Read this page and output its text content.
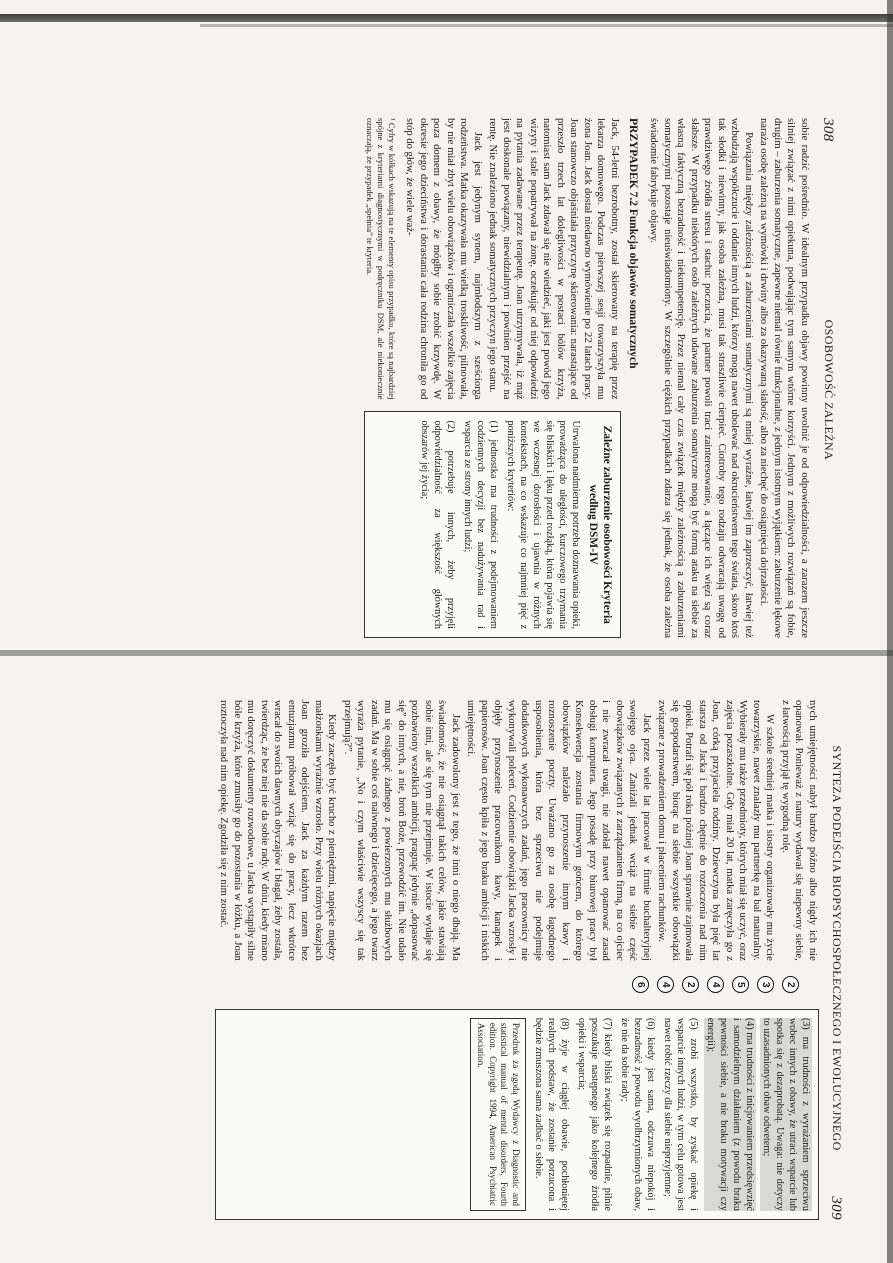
308
OSOBOWOŚĆ ZALEŻNA

sobie radzić pośrednio. W idealnym przypadku objawy powinny uwolnić je od odpowiedzialności, a zarazem jeszcze silniej związać z nimi opiekuna, podwajając tym samym wtórne korzyści. Jednym z możliwych rozwiązań są fobie, drugim – zaburzenia somatyczne, zapewne niemal równie funkcjonalne, z jednym istotnym wyjątkiem: zaburzenie lękowe naraża osobę zależną na wymówki i drwiny albo za okazywaną słabość, albo za niechęć do osiągnięcia dojrzałości.

Powiązania między zależnością a zaburzeniami somatycznymi są mniej wyraźne, łatwiej im zaprzeczyć, łatwiej też wzbudzają współczucie i oddanie innych ludzi, którzy mogą nawet ubolewać nad okrucieństwem tego świata, skoro ktoś tak słodki i niewinny, jak osoba zależna, musi tak straszliwie cierpieć. Ciotroby tego rodzaju odwracają uwagę od prawdziwego źródła stresu i stachu: poczucia, że partner powoli traci zainteresowanie, a łączące ich więzi są coraz słabsze. W przypadku niektórych osób zależnych udawane zaburzenia somatyczne mogą być formą ataku na siebie za własną faktyczną bezradność i niekompetencję. Przez niemal cały czas związek między zależnością a zaburzeniami somatycznymi pozostaje nieuświadomiony. W szczególnie ciężkich przypadkach zdarza się jednak, że osoba zależna świadomie fabrykuje objawy.

PRZYPADEK 7.2 Funkcja objawów somatycznych

Jack, 54-letni bezrobotny, został skierowany na terapię przez lekarza domowego. Podczas pierwszej sesji towarzyszyła mu żona Joan. Jack dostał niedawno wymówienie po 22 latach pracy. Joan stanowczo objaśniała przyczynę skierowania: narastające od przeszło trzech lat dolegliwości w postaci bólów krzyża, natomiast sam Jack zdawał się nie wiedzieć, jaki jest powód jego wizyty i stale popatrywał na żonę, oczekując od niej odpowiedzi na pytania zadawane przez terapeutę. Joan utrzymywała, iż mąż jest doskonale powiązany, niewidzialnym i powinien przejść na rentę. Nie znaleziono jednak somatycznych przyczyn jego stanu.

Jack jest jedynym synem, najmłodszym z sześciorga rodzeństwa. Matka okazywała mu wielką troskliwość, pilnowała, by nie miał zbyt wielu obowiązków i ograniczała wszelkie zajęcia poza domem z obawy, że mógłby sobie zrobić krzywdę. W okresie jego dzieciństwa i dorastania cała rodzina chroniła go od stóp do głów, że wiele waż-

¹ Cyfry w kółkach wskazują na te elementy opisu przypadku, które są najbardziej spójne z kryteriami diagnostycznymi w podręczniku DSM, ale niekoniecznie oznaczają, że przypadek „spełnia” te kryteria.
Zależne zaburzenie osobowości Kryteria według DSM-IV
Utrwalona nadmierna potrzeba doznawania opieki, prowadząca do uległości, kurczowego trzymania się bliskich i lęku przed rozłąką, która pojawia się we wczesnej dorosłości i ujawnia w różnych kontekstach, na co wskazuje co najmniej pięć z poniższych kryteriów:
(1) jednostka ma trudności z podejmowaniem codziennych decyzji bez nadużywania rad i wsparcia ze strony innych ludzi;
(2) potrzebuje innych, żeby przyjęli odpowiedzialność za większość głównych obszarów jej życia;
SYNTEZA PODEJŚCIA BIOPSYCHOSPOŁECZNEGO I EWOLUCYJNEGO
309

nych umiejętności nabył bardzo późno albo nigdy ich nie opanował. Ponieważ z natury wydawał się niepewny siebie, z łatwością przyjął tę wygodną rolę.

W szkole średniej matka i siostry organizowały mu życie towarzyskie, nawet znalazły mu partnerkę na bal maturalny. Wybierały mu także przedmioty, których miał się uczyć, oraz zajęcia pozaszkolne. Gdy miał 20 lat, matka zaręczyła go z Joan, córką przyjaciela rodziny. Dziewczyna była pięć lat starsza od Jacka i bardzo chętnie do roztoczenia nad nim opieki. Potrafi się pół roku później Joan sprawnie zajmowała się gospodarstwem, biorąc na siebie wszystkie obowiązki związane z prowadzeniem domu i płaceniem rachunków.

Jack przez wiele lat pracował w firmie buchalteryjnej swojego ojca. Zaniżali jednak wciąż na siebie część obowiązków związanych z zarządzaniem firmą, na co ojciec i nie zwracał uwagi, nie zdołał nawet opanować zasad obsługi komputera. Jego posadę przy biurowej pracy był Konsekwencja zostania firmowym gońcem, do którego obowiązków należało przynoszenie innym kawy i roznoszenie poczty. Uważano go za osobę łagodnego usposobienia, która bez sprzeciwu nie podejmuje dodatkowych wykonawczych zadań, jego pracownicy nie wykonywali poleceń. Codziennie obowiązki Jacka wzrosły i objęły przynoszenie pracownikom kawy, kanapek i papierosów. Joan często kpiła z jego braku ambicji i niskich umiejętności.

Jack zadowolony jest z tego, że inni o niego dbają. Ma świadomość, że nie osiągnął takich celów, jakie stawiają sobie inni, ale się tym nie przejmuje. W istocie wydaje się pozbawiony wszelkich ambicji, pragnąc jedynie „dopasować się” do innych, a nie, broń Boże, przewodzić im. Nie udało mu się osiągnąć żadnego z powierzonych mu służbowych zadań. Ma w sobie coś naiwnego i dziecięcego, a jego twarz wyraża pytanie, „No i czym właściwie wszyscy się tak przejmują?”.

Kiedy zaczęło być krucho z pieniędzmi, napięcie między małżonkami wyraźnie wzrosło. Przy wielu różnych okazjach Joan groziła odejściem. Jack za każdym razem bez entuzjazmu próbował wziąć się do pracy, lecz wkrótce wracał do swoich dawnych obyczajów i błagał, żeby została, twierdząc, że bez niej nie da sobie rady. W dniu, kiedy miano mu doręczyć dokumenty rozwodowe, u Jacka wystąpiły silne bóle krzyża, które zmusiły go do pozostania w łóżku, a Joan roztoczyła nad nim opiekę. Zgodziła się z nim zostać.

2
3
5
4
2
4
6
(3) ma trudności z wyrażaniem sprzeciwu wobec innych z obawy, że utraci wsparcie lub spotka się z dezaprobatą. Uwaga: nie dotyczy to uzasadnionych obaw odwetem;
(4) ma trudności z inicjowaniem przedsięwzięć i samodzielnym działaniem (z powodu braku pewności siebie, a nie braku motywacji czy energii);
(5) zrobi wszystko, by zyskać opiekę i wsparcie innych ludzi, w tym celu gotowa jest nawet robić rzeczy dla siebie nieprzyjemne;
(6) kiedy jest sama, odczuwa niepokój i bezradność z powodu wyolbrzymionych obaw, że nie da sobie rady;
(7) kiedy bliski związek się rozpadnie, pilnie poszukuje następnego jako kolejnego źródła opieki i wsparcia;
(8) żyje w ciągłej obawie, pochłoniętej realnych podstaw, że zostanie porzucona i będzie zmuszona sama zadbać o siebie.
Przedruk za zgodą Wydawcy z Diagnostic and statistical manual of mental disorders, Fourth edition. Copyright 1994, American Psychiatric Association.
